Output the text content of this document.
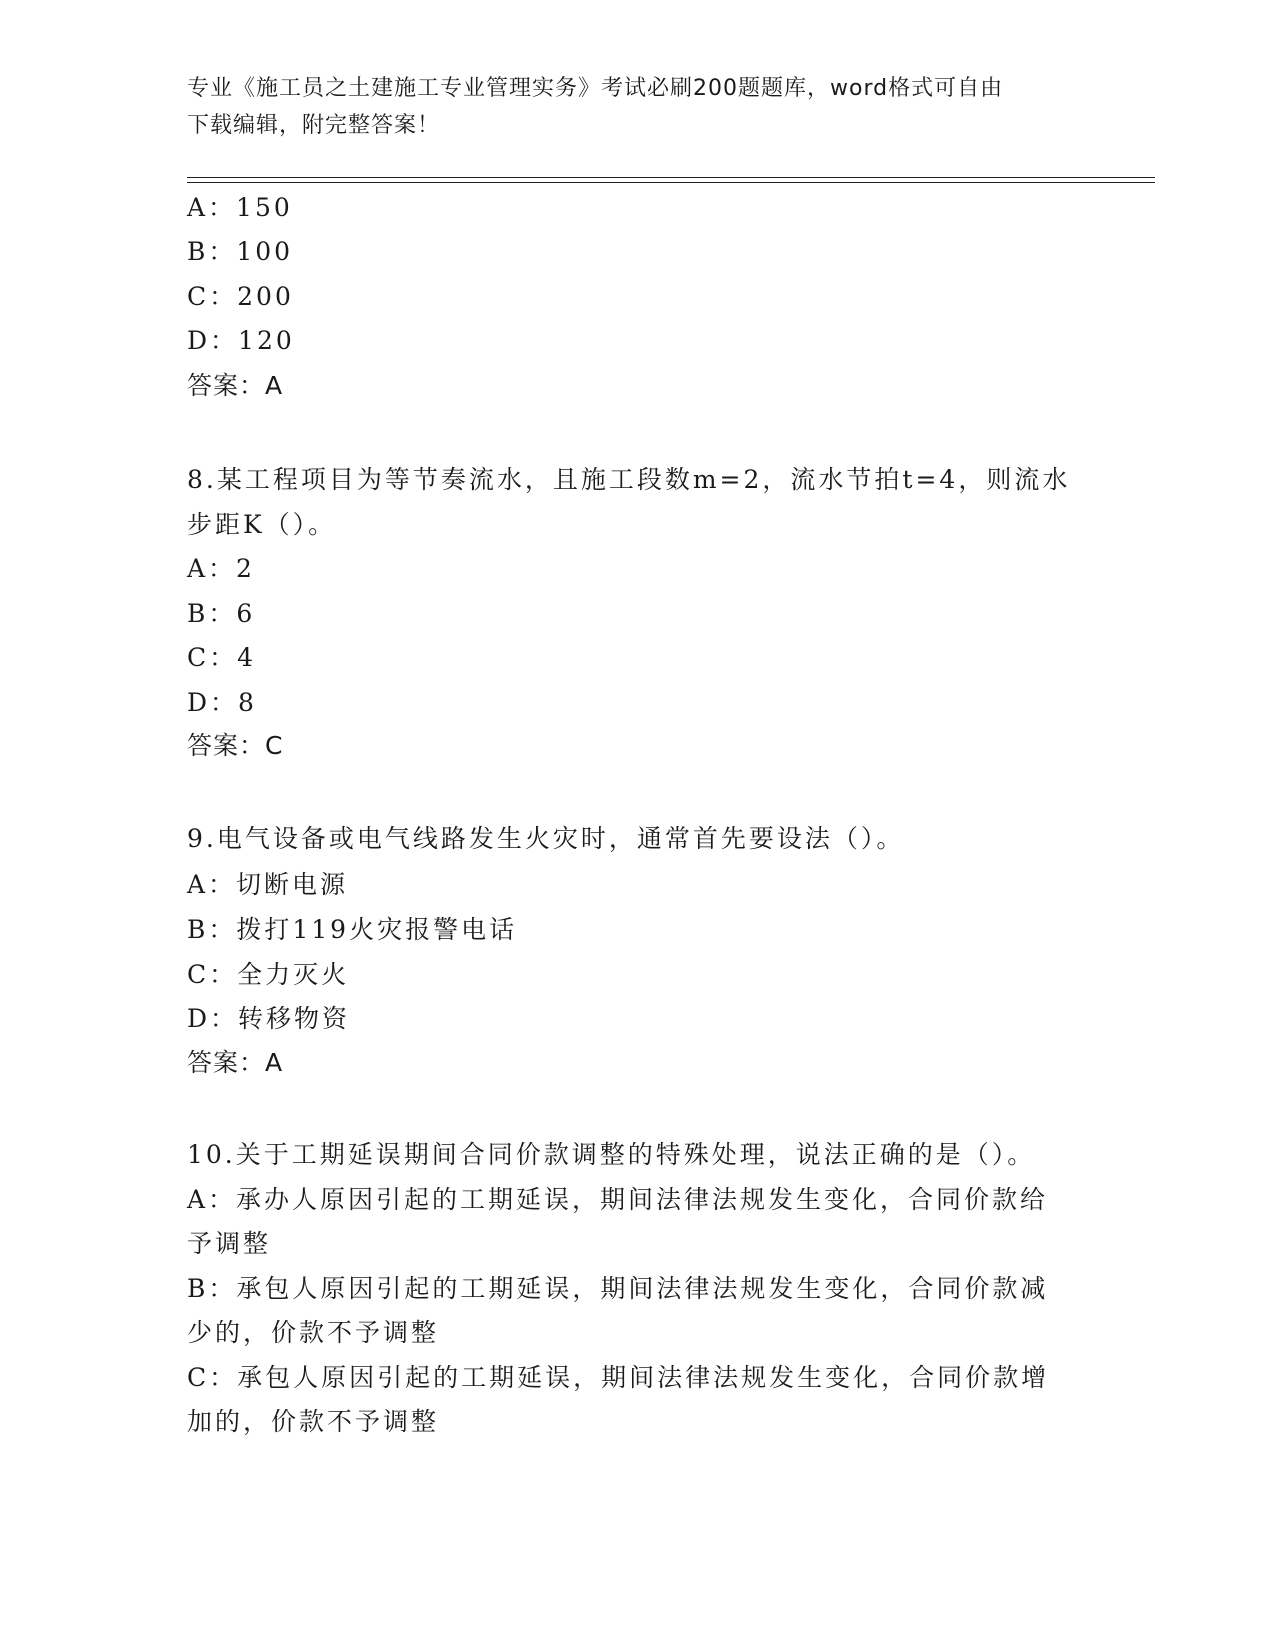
专业《施工员之土建施工专业管理实务》考试必刷200题题库，word格式可自由
下载编辑，附完整答案！
A：150
B：100
C：200
D：120
答案：A
8.某工程项目为等节奏流水，且施工段数m=2，流水节拍t=4，则流水
步距K（）。
A：2
B：6
C：4
D：8
答案：C
9.电气设备或电气线路发生火灾时，通常首先要设法（）。
A：切断电源
B：拨打119火灾报警电话
C：全力灭火
D：转移物资
答案：A
10.关于工期延误期间合同价款调整的特殊处理，说法正确的是（）。
A：承办人原因引起的工期延误，期间法律法规发生变化，合同价款给
予调整
B：承包人原因引起的工期延误，期间法律法规发生变化，合同价款减
少的，价款不予调整
C：承包人原因引起的工期延误，期间法律法规发生变化，合同价款增
加的，价款不予调整
